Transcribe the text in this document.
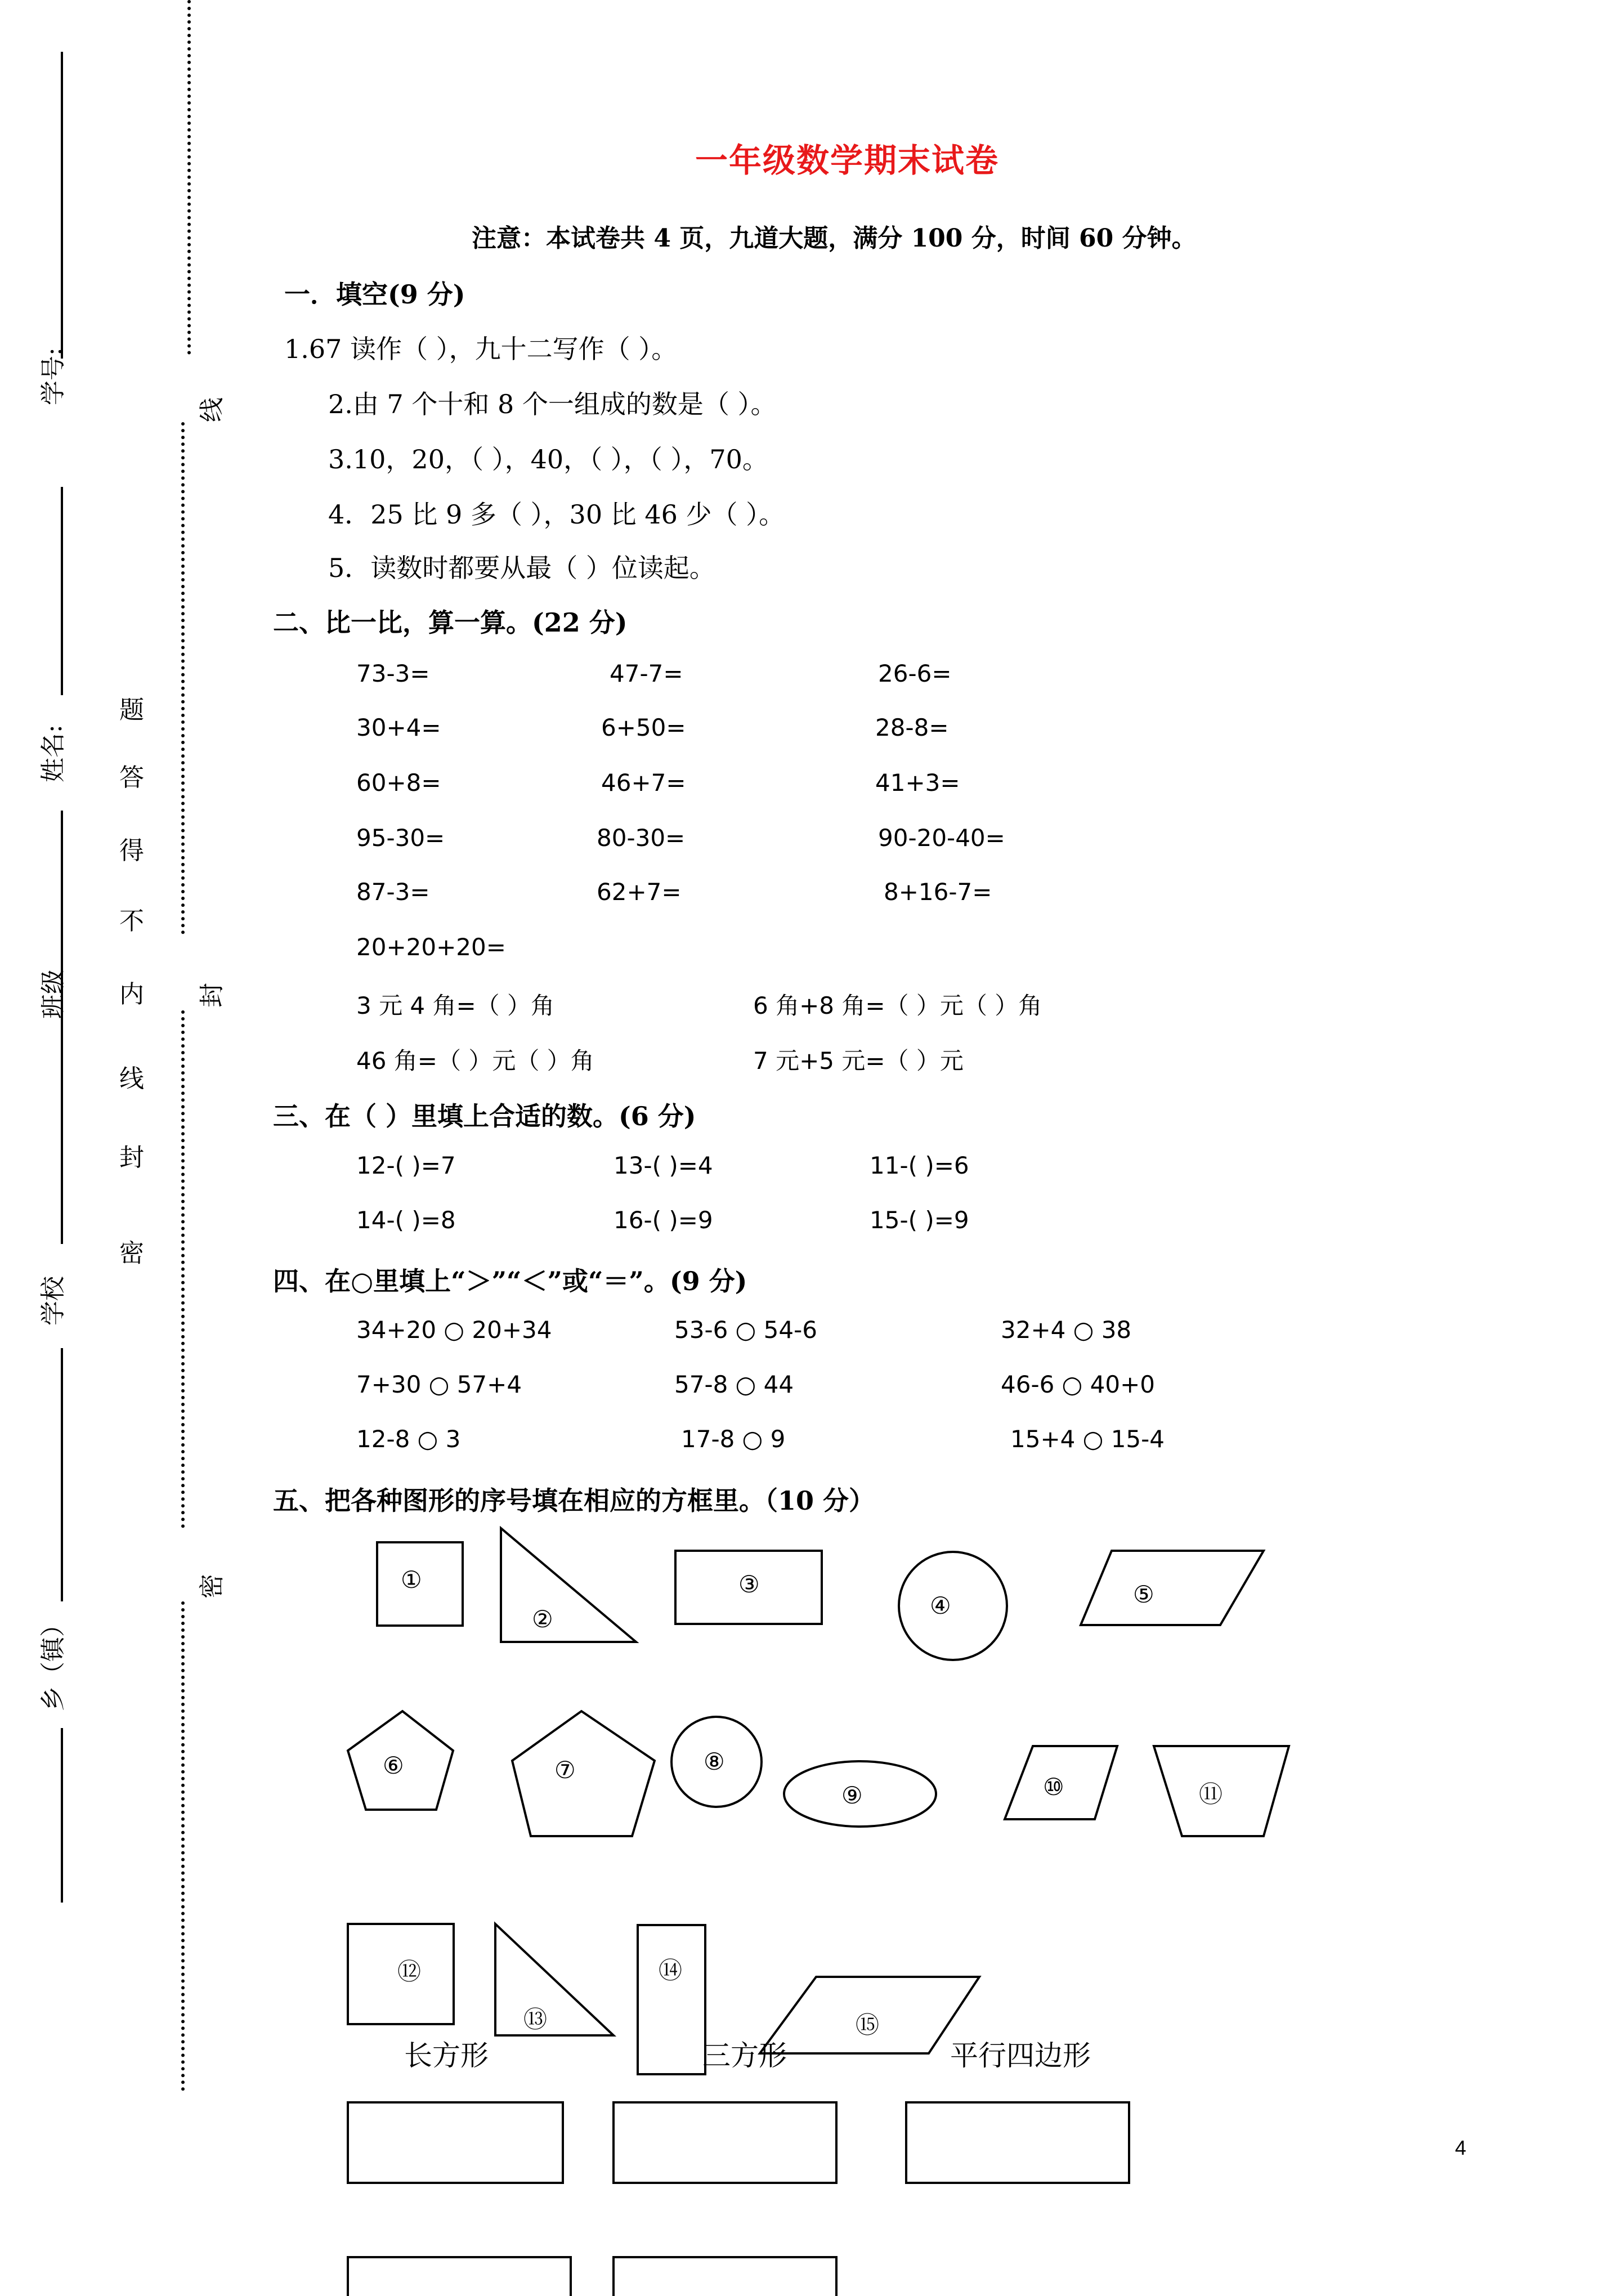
学号:
姓名:
班级
学校
乡（镇）
题
答
得
不
内
线
封
密
线
封
密
一年级数学期末试卷
注意：本试卷共 4 页，九道大题，满分 100 分，时间 60 分钟。
一．填空(9 分)
1.67 读作（ ），九十二写作（ ）。
2.由 7 个十和 8 个一组成的数是（ ）。
3.10，20，（ ），40，（ ），（ ），70。
4．25 比 9 多（ ），30 比 46 少（ ）。
5．读数时都要从最（ ）位读起。
二、比一比，算一算。(22 分)
73-3=	47-7=	26-6=
30+4=	6+50=	28-8=
60+8=	46+7=	41+3=
95-30=	80-30=	90-20-40=
87-3=	62+7=	8+16-7=
20+20+20=
3 元 4 角=（ ）角	6 角+8 角=（ ）元（ ）角
46 角=（ ）元（ ）角	7 元+5 元=（ ）元
三、在（ ）里填上合适的数。(6 分)
12-( )=7	13-( )=4	11-( )=6
14-( )=8	16-( )=9	15-( )=9
四、在○里填上“＞”“＜”或“＝”。(9 分)
34+20 ○ 20+34	53-6 ○ 54-6	32+4 ○ 38
7+30 ○ 57+4	57-8 ○ 44	46-6 ○ 40+0
12-8 ○ 3	17-8 ○ 9	15+4 ○ 15-4
五、把各种图形的序号填在相应的方框里。（10 分）
①
②
③
④	⑤
⑥	⑦	⑧
⑨	⑩	⑪
⑫
⑬
⑭
⑮
长方形	三方形	平行四边形
4
